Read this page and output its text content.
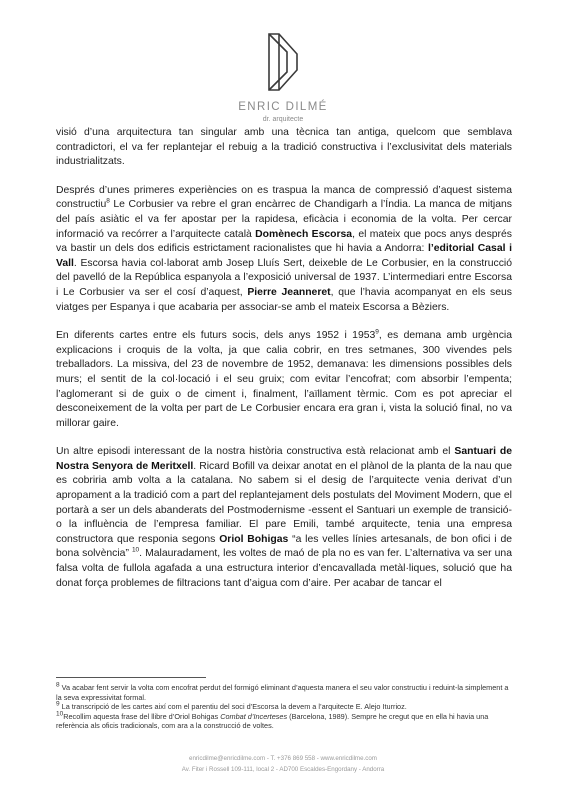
ENRIC DILMÉ
dr. arquitecte

visió d’una arquitectura tan singular amb una tècnica tan antiga, quelcom que semblava contradictori, el va fer replantejar el rebuig a la tradició constructiva i l’exclusivitat dels materials industrialitzats.

Després d’unes primeres experiències on es traspua la manca de compressió d’aquest sistema constructiu$^8$ Le Corbusier va rebre el gran encàrrec de Chandigarh a l’Índia. La manca de mitjans del país asiàtic el va fer apostar per la rapidesa, eficàcia i economia de la volta. Per cercar informació va recórrer a l’arquitecte català Domènech Escorsa, el mateix que pocs anys després va bastir un dels dos edificis estrictament racionalistes que hi havia a Andorra: l’editorial Casal i Vall. Escorsa havia col·laborat amb Josep Lluís Sert, deixeble de Le Corbusier, en la construcció del pavelló de la República espanyola a l’exposició universal de 1937. L’intermediari entre Escorsa i Le Corbusier va ser el cosí d’aquest, Pierre Jeanneret, que l’havia acompanyat en els seus viatges per Espanya i que acabaria per associar-se amb el mateix Escorsa a Bèziers.

En diferents cartes entre els futurs socis, dels anys 1952 i 1953$^9$, es demana amb urgència explicacions i croquis de la volta, ja que calia cobrir, en tres setmanes, 300 vivendes pels treballadors. La missiva, del 23 de novembre de 1952, demanava: les dimensions possibles dels murs; el sentit de la col·locació i el seu gruix; com evitar l’encofrat; com absorbir l’empenta; l’aglomerant si de guix o de ciment i, finalment, l’aïllament tèrmic. Com es pot apreciar el desconeixement de la volta per part de Le Corbusier encara era gran i, vista la solució final, no va millorar gaire.

Un altre episodi interessant de la nostra història constructiva està relacionat amb el Santuari de Nostra Senyora de Meritxell. Ricard Bofill va deixar anotat en el plànol de la planta de la nau que es cobriria amb volta a la catalana. No sabem si el desig de l’arquitecte venia derivat d’un apropament a la tradició com a part del replantejament dels postulats del Moviment Modern, que el portarà a ser un dels abanderats del Postmodernisme -essent el Santuari un exemple de transició- o la influència de l’empresa familiar. El pare Emili, també arquitecte, tenia una empresa constructora que responia segons Oriol Bohigas “a les velles línies artesanals, de bon ofici i de bona solvència” $^{10}$. Malauradament, les voltes de maó de pla no es van fer. L’alternativa va ser una falsa volta de fullola agafada a una estructura interior d’encavallada metàl·liques, solució que ha donat força problemes de filtracions tant d’aigua com d’aire. Per acabar de tancar el

$^8$ Va acabar fent servir la volta com encofrat perdut del formigó eliminant d’aquesta manera el seu valor constructiu i reduint-la simplement a la seva expressivitat formal.
$^9$ La transcripció de les cartes així com el parentiu del soci d’Escorsa la devem a l’arquitecte E. Alejo Iturrioz.
$^{10}$Recollim aquesta frase del llibre d’Oriol Bohigas Combat d’Incerteses (Barcelona, 1989). Sempre he cregut que en ella hi havia una referència als oficis tradicionals, com ara a la construcció de voltes.
enricdilme@enricdilme.com - T. +376 869 558 - www.enricdilme.com
Av. Fiter i Rossell 109-111, local 2 - AD700 Escaldes-Engordany - Andorra
